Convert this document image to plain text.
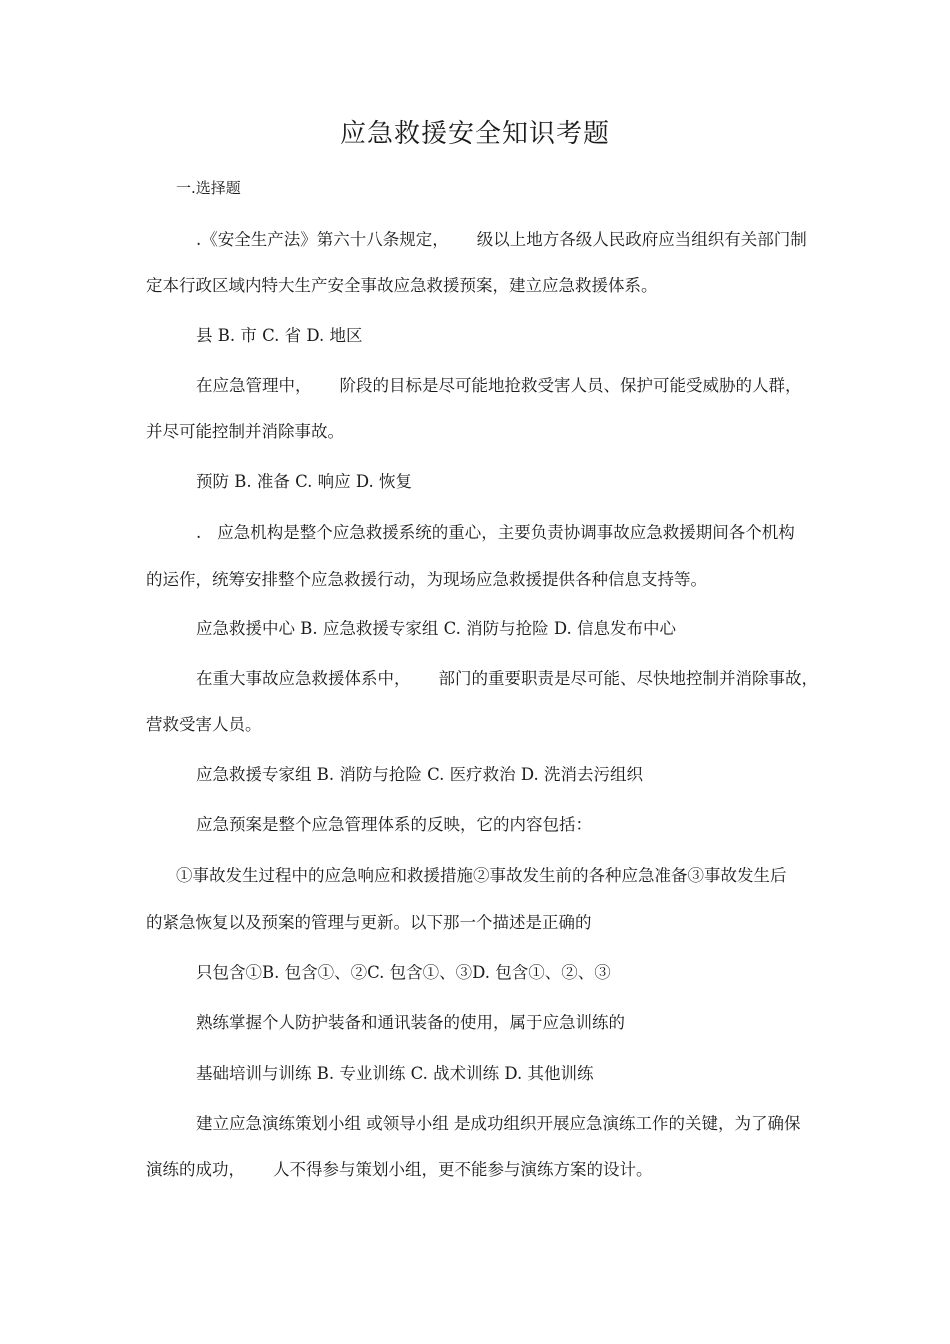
应急救援安全知识考题
一.选择题
.《安全生产法》第六十八条规定， 级以上地方各级人民政府应当组织有关部门制
定本行政区域内特大生产安全事故应急救援预案，建立应急救援体系。
县 B. 市 C. 省 D. 地区
在应急管理中， 阶段的目标是尽可能地抢救受害人员、保护可能受威胁的人群，
并尽可能控制并消除事故。
预防 B. 准备 C. 响应 D. 恢复
. 应急机构是整个应急救援系统的重心，主要负责协调事故应急救援期间各个机构
的运作，统筹安排整个应急救援行动，为现场应急救援提供各种信息支持等。
应急救援中心 B. 应急救援专家组 C. 消防与抢险 D. 信息发布中心
在重大事故应急救援体系中， 部门的重要职责是尽可能、尽快地控制并消除事故，
营救受害人员。
应急救援专家组 B. 消防与抢险 C. 医疗救治 D. 洗消去污组织
应急预案是整个应急管理体系的反映，它的内容包括：
①事故发生过程中的应急响应和救援措施②事故发生前的各种应急准备③事故发生后
的紧急恢复以及预案的管理与更新。以下那一个描述是正确的
只包含①B. 包含①、②C. 包含①、③D. 包含①、②、③
熟练掌握个人防护装备和通讯装备的使用，属于应急训练的
基础培训与训练 B. 专业训练 C. 战术训练 D. 其他训练
建立应急演练策划小组 或领导小组 是成功组织开展应急演练工作的关键，为了确保
演练的成功， 人不得参与策划小组，更不能参与演练方案的设计。
